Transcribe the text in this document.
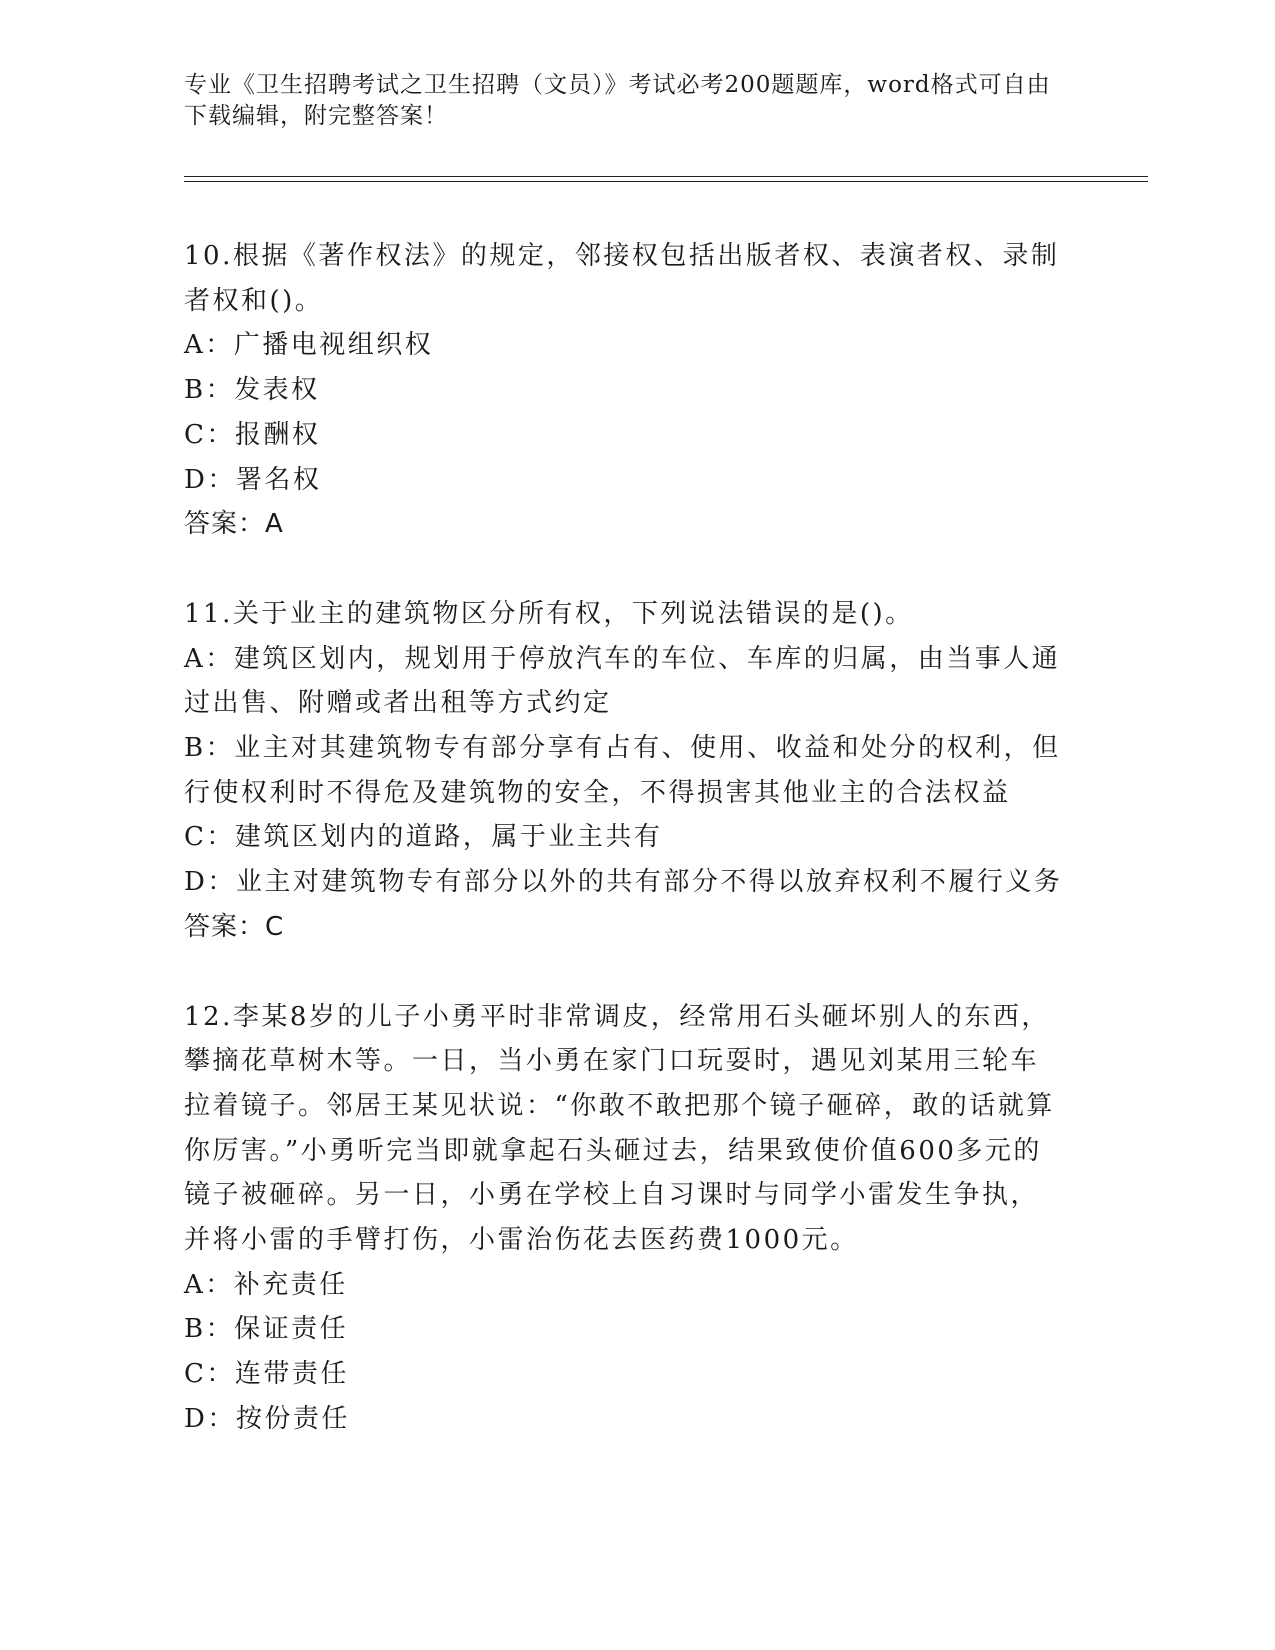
专业《卫生招聘考试之卫生招聘（文员）》考试必考200题题库，word格式可自由下载编辑，附完整答案！

10.根据《著作权法》的规定，邻接权包括出版者权、表演者权、录制者权和()。

A：广播电视组织权

B：发表权

C：报酬权

D：署名权

答案：A

11.关于业主的建筑物区分所有权，下列说法错误的是()。

A：建筑区划内，规划用于停放汽车的车位、车库的归属，由当事人通过出售、附赠或者出租等方式约定

B：业主对其建筑物专有部分享有占有、使用、收益和处分的权利，但行使权利时不得危及建筑物的安全，不得损害其他业主的合法权益

C：建筑区划内的道路，属于业主共有

D：业主对建筑物专有部分以外的共有部分不得以放弃权利不履行义务

答案：C

12.李某8岁的儿子小勇平时非常调皮，经常用石头砸坏别人的东西，攀摘花草树木等。一日，当小勇在家门口玩耍时，遇见刘某用三轮车拉着镜子。邻居王某见状说：“你敢不敢把那个镜子砸碎，敢的话就算你厉害。”小勇听完当即就拿起石头砸过去，结果致使价值600多元的镜子被砸碎。另一日，小勇在学校上自习课时与同学小雷发生争执，并将小雷的手臂打伤，小雷治伤花去医药费1000元。

A：补充责任

B：保证责任

C：连带责任

D：按份责任
